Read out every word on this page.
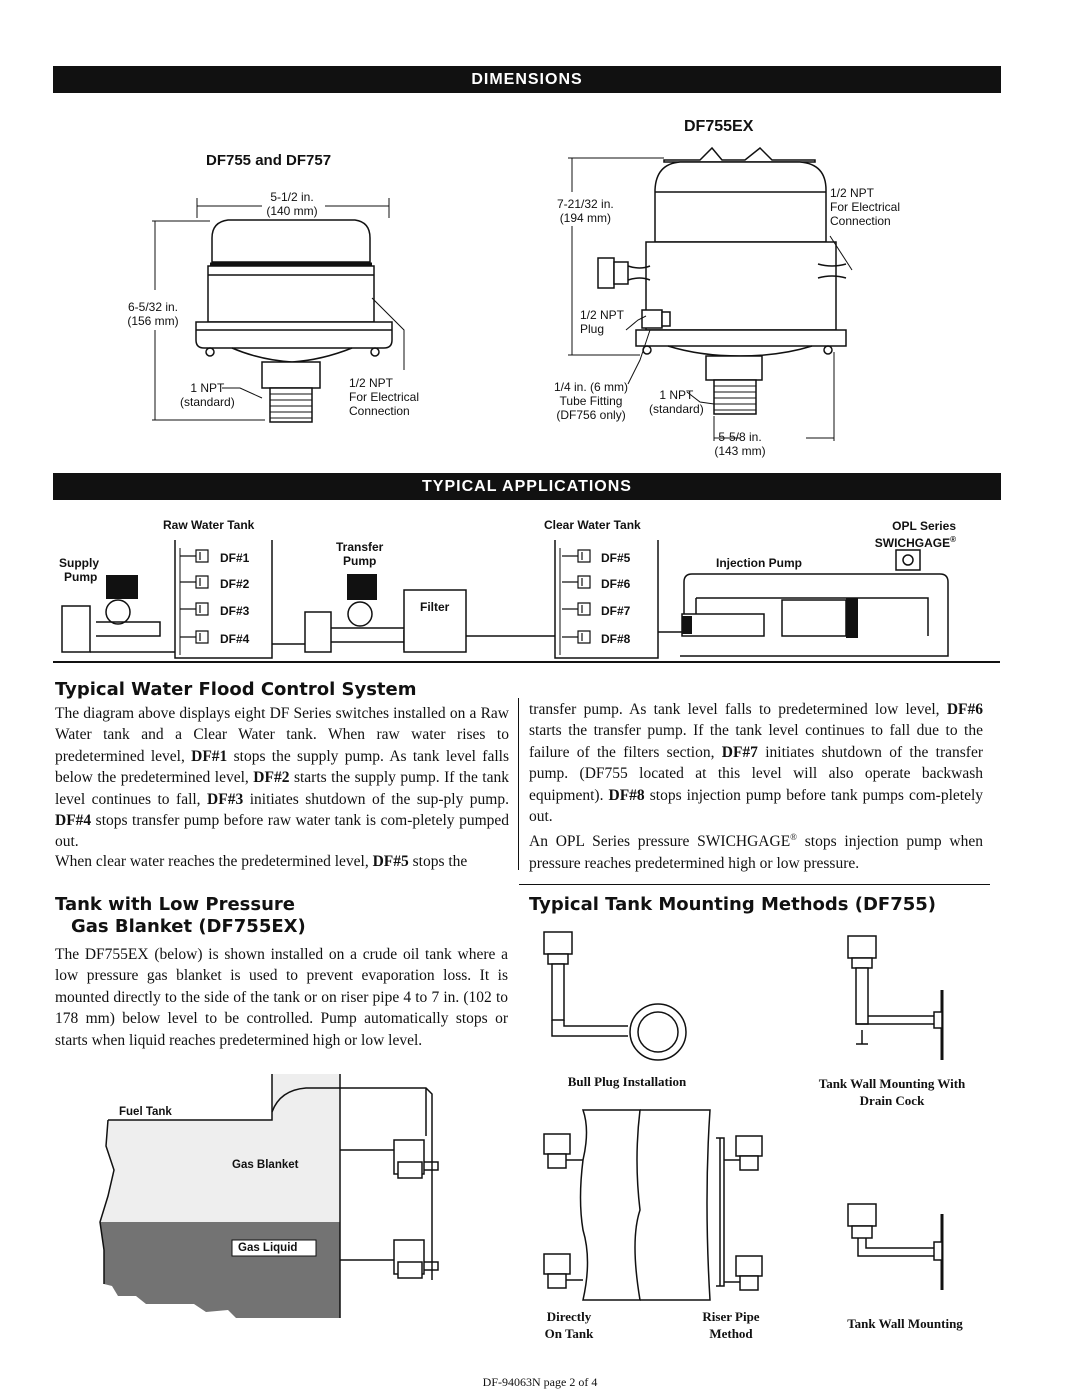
DIMENSIONS
DF755 and DF757
DF755EX
5-1/2 in.
(140 mm)
6-5/32 in.
(156 mm)
1 NPT
(standard)
1/2 NPT
For Electrical
Connection
7-21/32 in.
(194 mm)
1/2 NPT
For Electrical
Connection
1/2 NPT
Plug
1/4 in. (6 mm)
Tube Fitting
(DF756 only)
1 NPT
(standard)
5-5/8 in.
(143 mm)
TYPICAL APPLICATIONS
Raw Water Tank	Clear Water Tank	OPL Series
SWICHGAGE®
Supply
Pump
Transfer
Pump
Filter
Injection Pump
DF#1
DF#2
DF#3
DF#4
DF#5
DF#6
DF#7
DF#8
Typical Water Flood Control System
The diagram above displays eight DF Series switches installed on a Raw Water tank and a Clear Water tank. When raw water rises to predetermined level, DF#1 stops the supply pump. As tank level falls below the predetermined level, DF#2 starts the supply pump. If the tank level continues to fall, DF#3 initiates shutdown of the sup-ply pump. DF#4 stops transfer pump before raw water tank is com-pletely pumped out.
When clear water reaches the predetermined level, DF#5 stops the
transfer pump. As tank level falls to predetermined low level, DF#6 starts the transfer pump. If the tank level continues to fall due to the failure of the filters section, DF#7 initiates shutdown of the transfer pump. (DF755 located at this level will also operate backwash equipment). DF#8 stops injection pump before tank pumps com-pletely out.
An OPL Series pressure SWICHGAGE® stops injection pump when pressure reaches predetermined high or low pressure.
Tank with Low Pressure
Gas Blanket (DF755EX)
The DF755EX (below) is shown installed on a crude oil tank where a low pressure gas blanket is used to prevent evaporation loss. It is mounted directly to the side of the tank or on riser pipe 4 to 7 in. (102 to 178 mm) below level to be controlled. Pump automatically stops or starts when liquid reaches predetermined high or low level.
Fuel Tank
Gas Blanket
Gas Liquid
Typical Tank Mounting Methods (DF755)
Bull Plug Installation	Tank Wall Mounting With
Drain Cock
Directly
On Tank
Riser Pipe
Method
Tank Wall Mounting
DF-94063N page 2 of 4
